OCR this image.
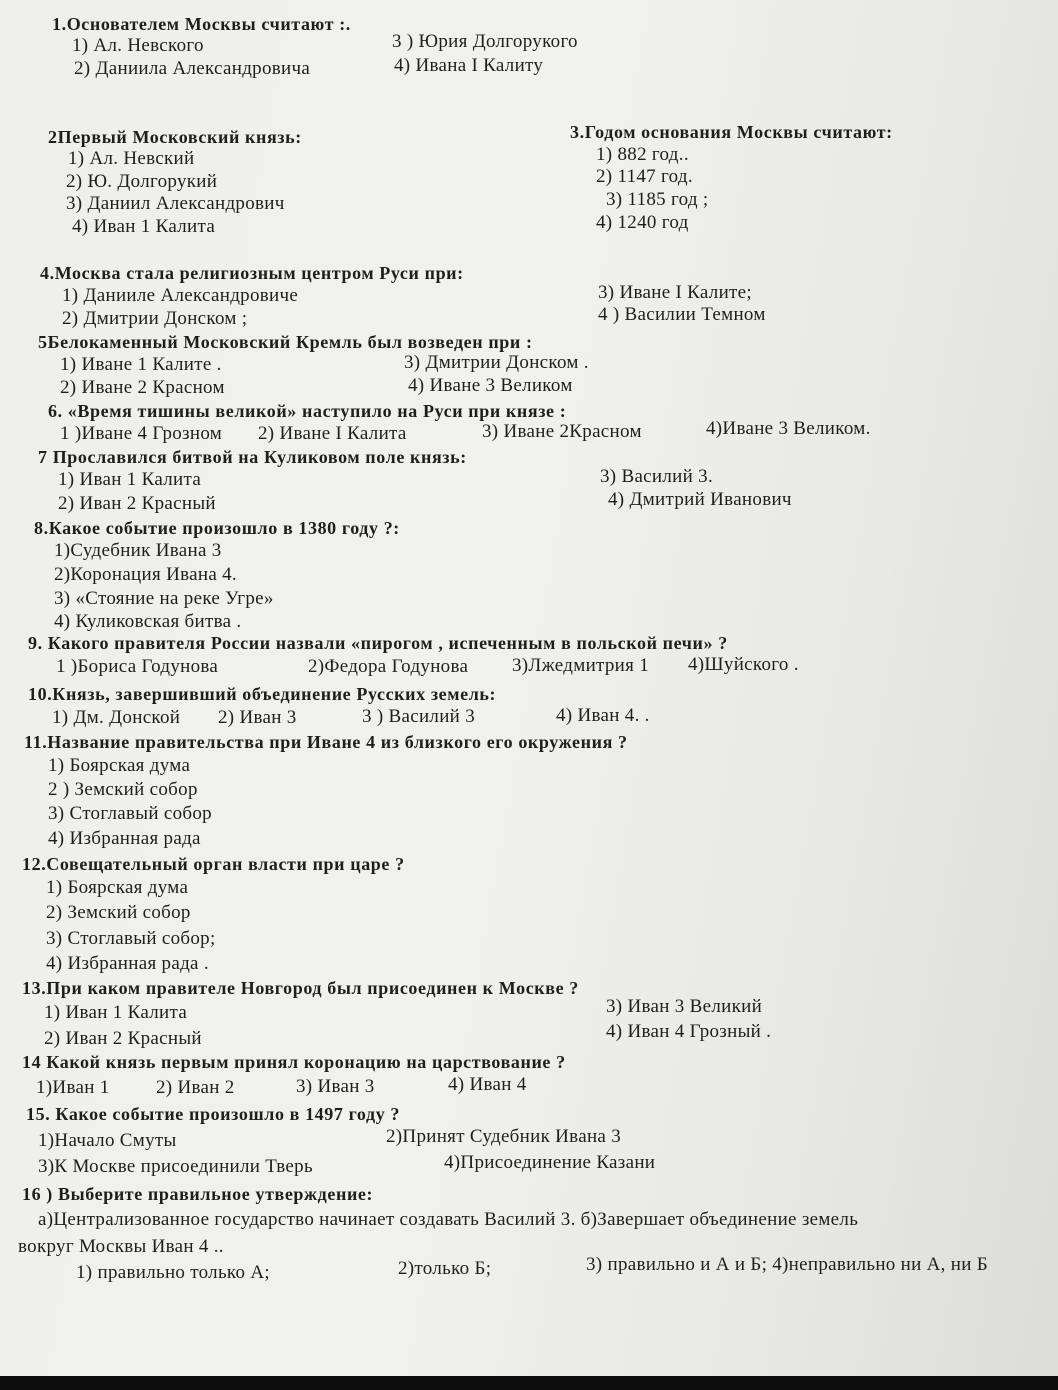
1.Основателем Москвы считают :.
1) Ал. Невского	3 ) Юрия Долгорукого
2) Даниила Александровича	4) Ивана I Калиту
2Первый Московский князь:
1) Ал. Невский
2) Ю. Долгорукий
3) Даниил Александрович
4) Иван 1 Калита
3.Годом основания Москвы считают:
1) 882 год..
2) 1147 год.
3) 1185 год ;
4) 1240 год
4.Москва стала религиозным центром Руси при:
1) Данииле Александровиче	3) Иване I Калите;
2) Дмитрии Донском ;	4 ) Василии Темном
5Белокаменный Московский Кремль был возведен при :
1) Иване 1 Калите .	3) Дмитрии Донском .
2) Иване 2 Красном	4) Иване 3 Великом
6. «Время тишины великой» наступило на Руси при князе :
1 )Иване 4 Грозном 2) Иване I Калита	3) Иване 2Красном	4)Иване 3 Великом.
7 Прославился битвой на Куликовом поле князь:
1) Иван 1 Калита	3) Василий 3.
2) Иван 2 Красный	4) Дмитрий Иванович
8.Какое событие произошло в 1380 году ?:
1)Судебник Ивана 3
2)Коронация Ивана 4.
3) «Стояние на реке Угре»
4) Куликовская битва .
9. Какого правителя России назвали «пирогом , испеченным в польской печи» ?
1 )Бориса Годунова	2)Федора Годунова 3)Лжедмитрия 1 4)Шуйского .
10.Князь, завершивший объединение Русских земель:
1) Дм. Донской 2) Иван 3	3 ) Василий 3	4) Иван 4. .
11.Название правительства при Иване 4 из близкого его окружения ?
1) Боярская дума
2 ) Земский собор
3) Стоглавый собор
4) Избранная рада
12.Совещательный орган власти при царе ?
1) Боярская дума
2) Земский собор
3) Стоглавый собор;
4) Избранная рада .
13.При каком правителе Новгород был присоединен к Москве ?
1) Иван 1 Калита	3) Иван 3 Великий
2) Иван 2 Красный	4) Иван 4 Грозный .
14 Какой князь первым принял коронацию на царствование ?
1)Иван 1 2) Иван 2	3) Иван 3	4) Иван 4
15. Какое событие произошло в 1497 году ?
1)Начало Смуты	2)Принят Судебник Ивана 3
3)К Москве присоединили Тверь	4)Присоединение Казани
16 ) Выберите правильное утверждение:
а)Централизованное государство начинает создавать Василий 3. б)Завершает объединение земель
вокруг Москвы Иван 4 ..
1) правильно только А;	2)только Б;	3) правильно и А и Б; 4)неправильно ни А, ни Б
